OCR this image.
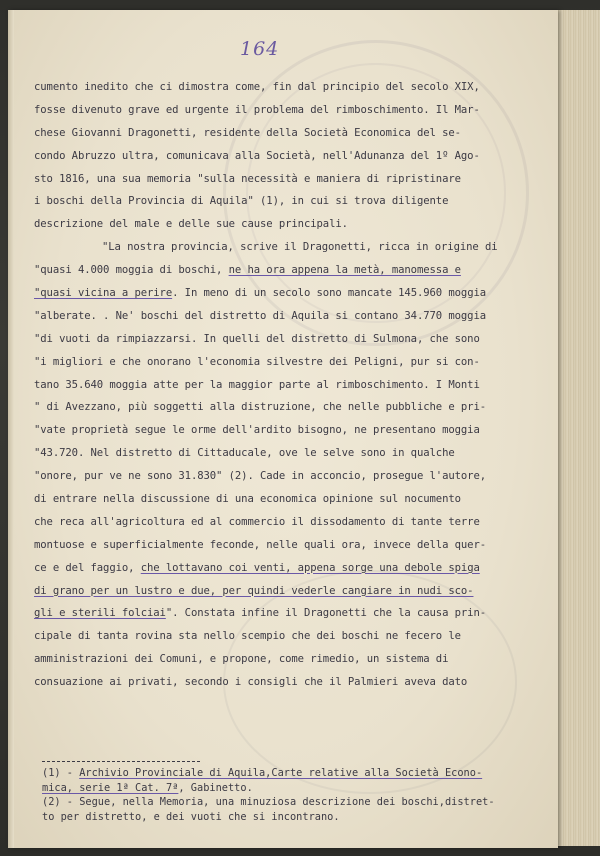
164
cumento inedito che ci dimostra come, fin dal principio del secolo XIX,
fosse divenuto grave ed urgente il problema del rimboschimento. Il Mar-
chese Giovanni Dragonetti, residente della Società Economica del se-
condo Abruzzo ultra, comunicava alla Società, nell'Adunanza del 1º Ago-
sto 1816, una sua memoria "sulla necessità e maniera di ripristinare
i boschi della Provincia di Aquila" (1), in cui si trova diligente
descrizione del male e delle sue cause principali.
"La nostra provincia, scrive il Dragonetti, ricca in origine di
"quasi 4.000 moggia di boschi, ne ha ora appena la metà, manomessa e
"quasi vicina a perire. In meno di un secolo sono mancate 145.960 moggia
"alberate. . Ne' boschi del distretto di Aquila si contano 34.770 moggia
"di vuoti da rimpiazzarsi. In quelli del distretto di Sulmona, che sono
"i migliori e che onorano l'economia silvestre dei Peligni, pur si con-
tano 35.640 moggia atte per la maggior parte al rimboschimento. I Monti
" di Avezzano, più soggetti alla distruzione, che nelle pubbliche e pri-
"vate proprietà segue le orme dell'ardito bisogno, ne presentano moggia
"43.720. Nel distretto di Cittaducale, ove le selve sono in qualche
"onore, pur ve ne sono 31.830" (2). Cade in acconcio, prosegue l'autore,
di entrare nella discussione di una economica opinione sul nocumento
che reca all'agricoltura ed al commercio il dissodamento di tante terre
montuose e superficialmente feconde, nelle quali ora, invece della quer-
ce e del faggio, che lottavano coi venti, appena sorge una debole spiga
di grano per un lustro e due, per quindi vederle cangiare in nudi sco-
gli e sterili folciai". Constata infine il Dragonetti che la causa prin-
cipale di tanta rovina sta nello scempio che dei boschi ne fecero le
amministrazioni dei Comuni, e propone, come rimedio, un sistema di
consuazione ai privati, secondo i consigli che il Palmieri aveva dato
(1) - Archivio Provinciale di Aquila,Carte relative alla Società Econo-
mica, serie 1ª Cat. 7ª, Gabinetto.
(2) - Segue, nella Memoria, una minuziosa descrizione dei boschi,distret-
to per distretto, e dei vuoti che si incontrano.
